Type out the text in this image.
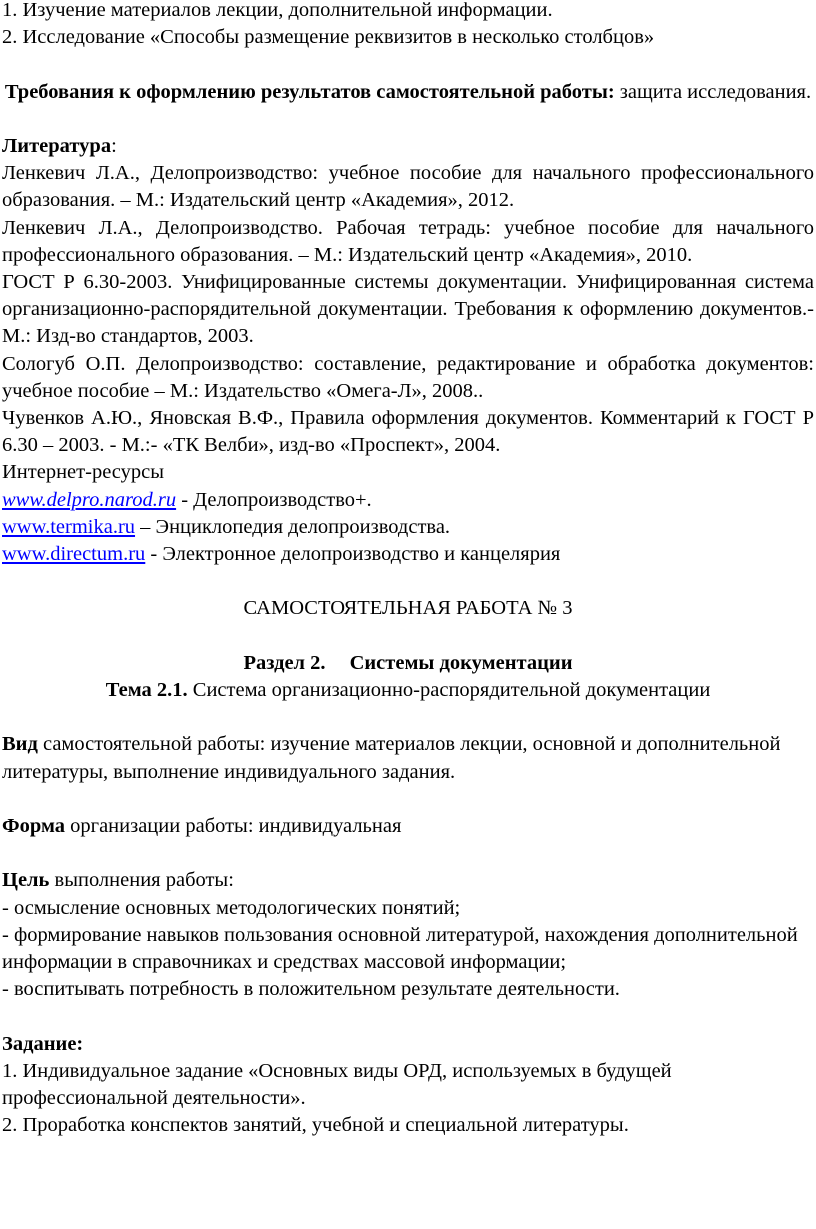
1. Изучение материалов лекции, дополнительной информации.

2. Исследование «Способы размещение реквизитов в несколько столбцов»

Требования к оформлению результатов самостоятельной работы: защита исследования.

Литература:

Ленкевич Л.А., Делопроизводство: учебное пособие для начального профессионального образования. – М.: Издательский центр «Академия», 2012.

Ленкевич Л.А., Делопроизводство. Рабочая тетрадь: учебное пособие для начального профессионального образования. – М.: Издательский центр «Академия», 2010.

ГОСТ Р 6.30-2003. Унифицированные системы документации. Унифицированная система организационно-распорядительной документации. Требования к оформлению документов.- М.: Изд-во стандартов, 2003.

Сологуб О.П. Делопроизводство: составление, редактирование и обработка документов: учебное пособие – М.: Издательство «Омега-Л», 2008..

Чувенков А.Ю., Яновская В.Ф., Правила оформления документов. Комментарий к ГОСТ Р 6.30 – 2003. - М.:- «ТК Велби», изд-во «Проспект», 2004.

Интернет-ресурсы

www.delpro.narod.ru - Делопроизводство+.

www.termika.ru – Энциклопедия делопроизводства.

www.directum.ru - Электронное делопроизводство и канцелярия

САМОСТОЯТЕЛЬНАЯ РАБОТА № 3

Раздел 2. Системы документации

Тема 2.1. Система организационно-распорядительной документации

Вид самостоятельной работы: изучение материалов лекции, основной и дополнительной литературы, выполнение индивидуального задания.

Форма организации работы: индивидуальная

Цель выполнения работы:

- осмысление основных методологических понятий;

- формирование навыков пользования основной литературой, нахождения дополнительной информации в справочниках и средствах массовой информации;

- воспитывать потребность в положительном результате деятельности.

Задание:

1. Индивидуальное задание «Основных виды ОРД, используемых в будущей профессиональной деятельности».

2. Проработка конспектов занятий, учебной и специальной литературы.
